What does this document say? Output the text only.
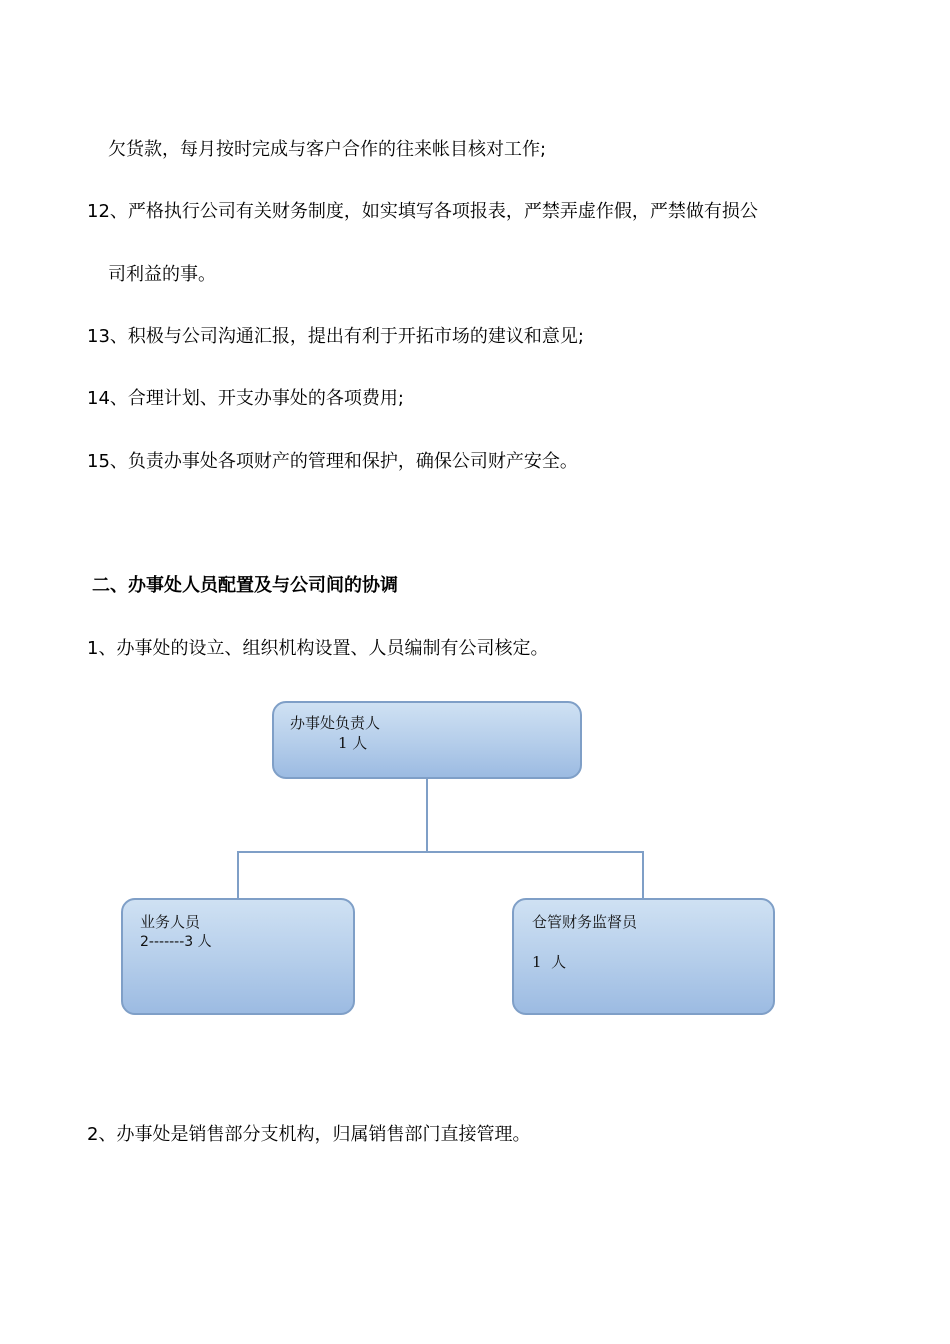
欠货款，每月按时完成与客户合作的往来帐目核对工作;
12、严格执行公司有关财务制度，如实填写各项报表，严禁弄虚作假，严禁做有损公
司利益的事。
13、积极与公司沟通汇报，提出有利于开拓市场的建议和意见;
14、合理计划、开支办事处的各项费用;
15、负责办事处各项财产的管理和保护，确保公司财产安全。
二、办事处人员配置及与公司间的协调
1、办事处的设立、组织机构设置、人员编制有公司核定。
办事处负责人
1 人
业务人员
2-------3 人
仓管财务监督员
1  人
2、办事处是销售部分支机构，归属销售部门直接管理。
